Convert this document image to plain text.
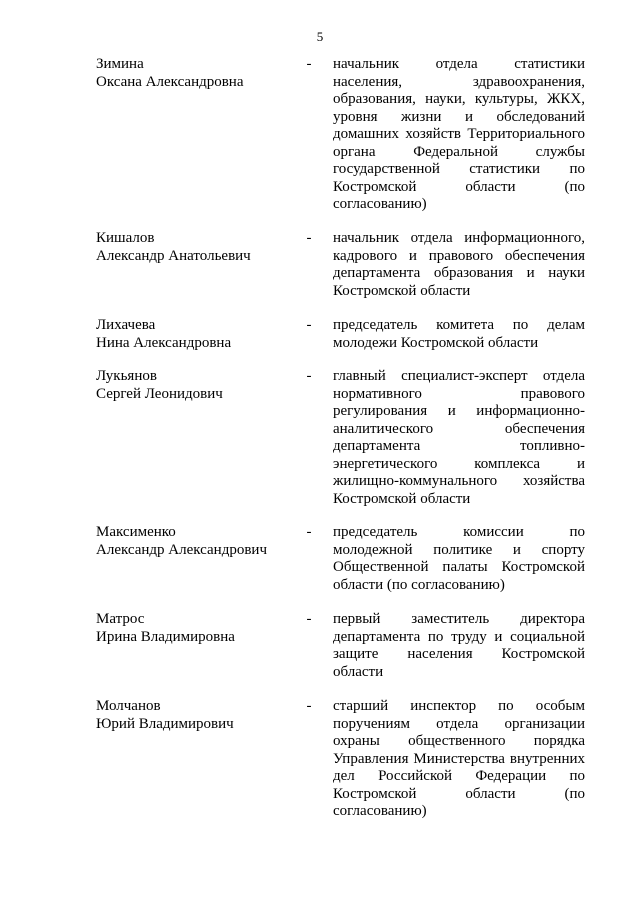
5
Зимина
Оксана Александровна
- начальник отдела статистики
населения, здравоохранения,
образования, науки, культуры, ЖКХ,
уровня жизни и обследований
домашних хозяйств Территориального
органа Федеральной службы
государственной статистики по
Костромской области (по
согласованию)
Кишалов
Александр Анатольевич
- начальник отдела информационного,
кадрового и правового обеспечения
департамента образования и науки
Костромской области
Лихачева
Нина Александровна
- председатель комитета по делам
молодежи Костромской области
Лукьянов
Сергей Леонидович
- главный специалист-эксперт отдела
нормативного правового
регулирования и информационно-
аналитического обеспечения
департамента топливно-
энергетического комплекса и
жилищно-коммунального хозяйства
Костромской области
Максименко
Александр Александрович
- председатель комиссии по
молодежной политике и спорту
Общественной палаты Костромской
области (по согласованию)
Матрос
Ирина Владимировна
- первый заместитель директора
департамента по труду и социальной
защите населения Костромской
области
Молчанов
Юрий Владимирович
- старший инспектор по особым
поручениям отдела организации
охраны общественного порядка
Управления Министерства внутренних
дел Российской Федерации по
Костромской области (по
согласованию)
